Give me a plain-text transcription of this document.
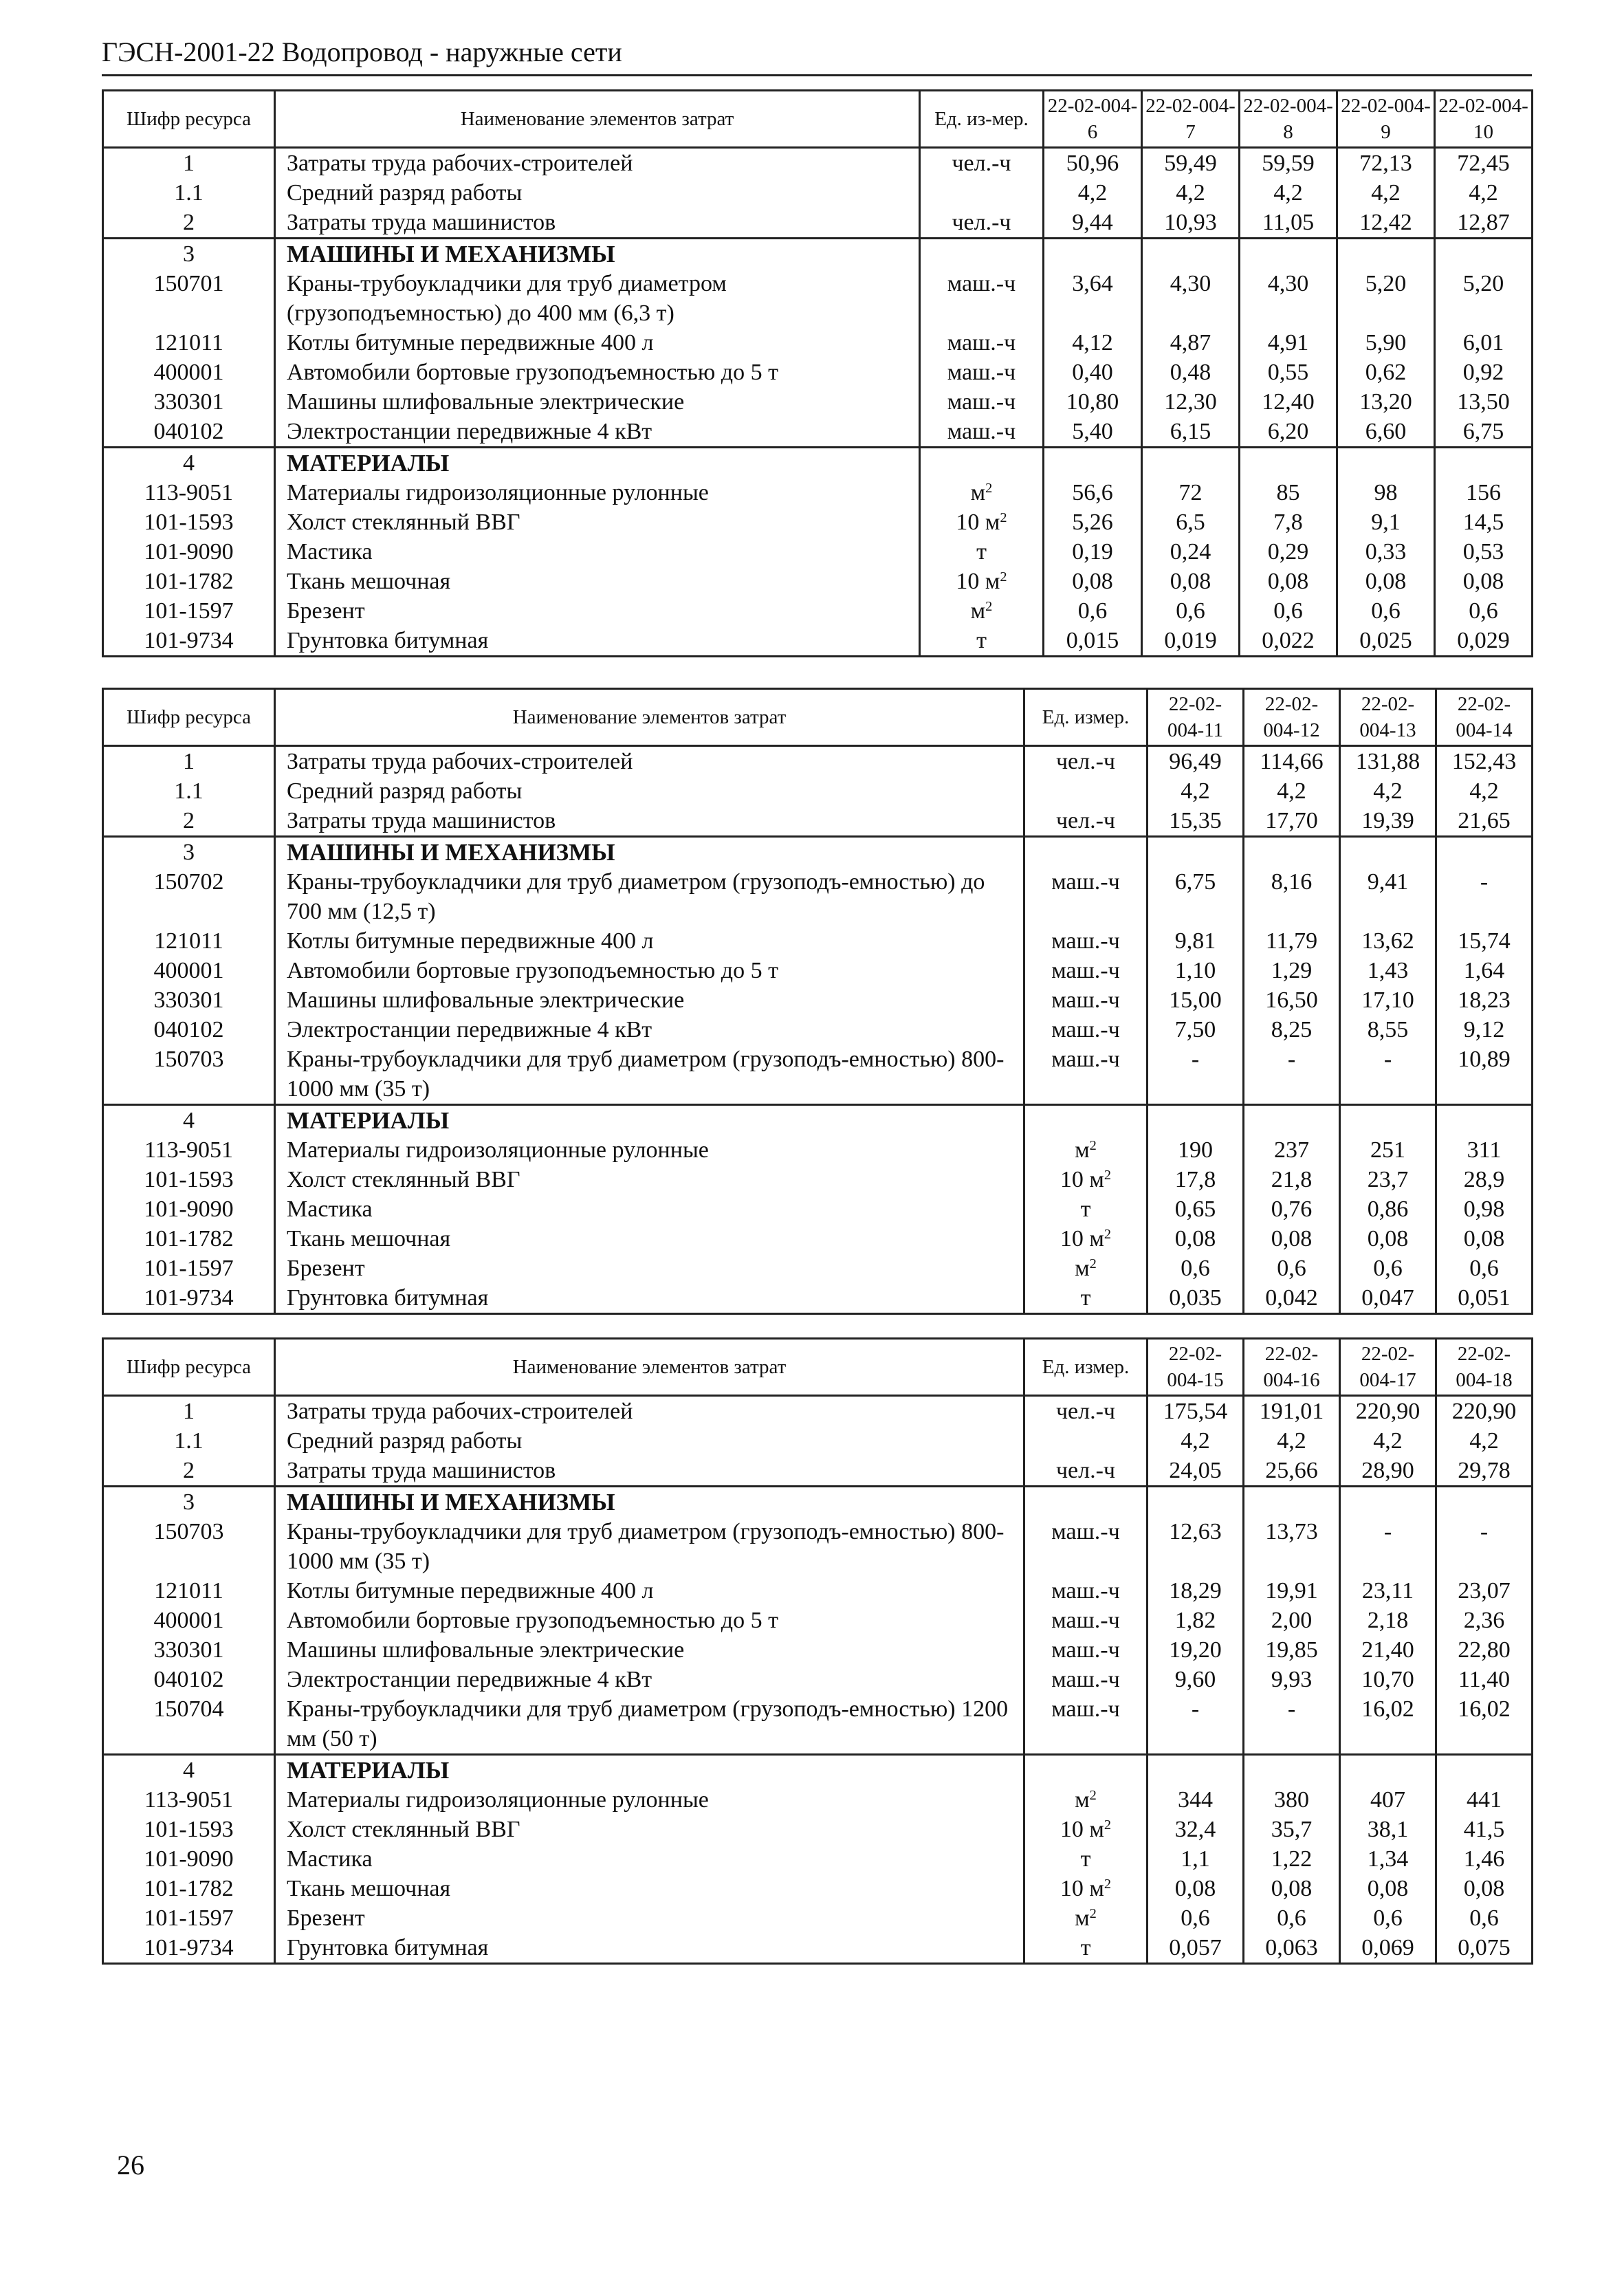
ГЭСН-2001-22 Водопровод - наружные сети
Шифр ресурса	Наименование элементов затрат	Ед. из-мер.	22-02-004-6	22-02-004-7	22-02-004-8	22-02-004-9	22-02-004-10
1	Затраты труда рабочих-строителей	чел.-ч	50,96	59,49	59,59	72,13	72,45
1.1	Средний разряд работы		4,2	4,2	4,2	4,2	4,2
2	Затраты труда машинистов	чел.-ч	9,44	10,93	11,05	12,42	12,87
3	МАШИНЫ И МЕХАНИЗМЫ						
150701	Краны-трубоукладчики для труб диаметром (грузоподъемностью) до 400 мм (6,3 т)	маш.-ч	3,64	4,30	4,30	5,20	5,20
121011	Котлы битумные передвижные 400 л	маш.-ч	4,12	4,87	4,91	5,90	6,01
400001	Автомобили бортовые грузоподъемностью до 5 т	маш.-ч	0,40	0,48	0,55	0,62	0,92
330301	Машины шлифовальные электрические	маш.-ч	10,80	12,30	12,40	13,20	13,50
040102	Электростанции передвижные 4 кВт	маш.-ч	5,40	6,15	6,20	6,60	6,75
4	МАТЕРИАЛЫ						
113-9051	Материалы гидроизоляционные рулонные	$м^2$	56,6	72	85	98	156
101-1593	Холст стеклянный ВВГ	10 $м^2$	5,26	6,5	7,8	9,1	14,5
101-9090	Мастика	т	0,19	0,24	0,29	0,33	0,53
101-1782	Ткань мешочная	10 $м^2$	0,08	0,08	0,08	0,08	0,08
101-1597	Брезент	$м^2$	0,6	0,6	0,6	0,6	0,6
101-9734	Грунтовка битумная	т	0,015	0,019	0,022	0,025	0,029
Шифр ресурса	Наименование элементов затрат	Ед. измер.	22-02-004-11	22-02-004-12	22-02-004-13	22-02-004-14
1	Затраты труда рабочих-строителей	чел.-ч	96,49	114,66	131,88	152,43
1.1	Средний разряд работы		4,2	4,2	4,2	4,2
2	Затраты труда машинистов	чел.-ч	15,35	17,70	19,39	21,65
3	МАШИНЫ И МЕХАНИЗМЫ					
150702	Краны-трубоукладчики для труб диаметром (грузоподъ-емностью) до 700 мм (12,5 т)	маш.-ч	6,75	8,16	9,41	-
121011	Котлы битумные передвижные 400 л	маш.-ч	9,81	11,79	13,62	15,74
400001	Автомобили бортовые грузоподъемностью до 5 т	маш.-ч	1,10	1,29	1,43	1,64
330301	Машины шлифовальные электрические	маш.-ч	15,00	16,50	17,10	18,23
040102	Электростанции передвижные 4 кВт	маш.-ч	7,50	8,25	8,55	9,12
150703	Краны-трубоукладчики для труб диаметром (грузоподъ-емностью) 800-1000 мм (35 т)	маш.-ч	-	-	-	10,89
4	МАТЕРИАЛЫ					
113-9051	Материалы гидроизоляционные рулонные	$м^2$	190	237	251	311
101-1593	Холст стеклянный ВВГ	10 $м^2$	17,8	21,8	23,7	28,9
101-9090	Мастика	т	0,65	0,76	0,86	0,98
101-1782	Ткань мешочная	10 $м^2$	0,08	0,08	0,08	0,08
101-1597	Брезент	$м^2$	0,6	0,6	0,6	0,6
101-9734	Грунтовка битумная	т	0,035	0,042	0,047	0,051
Шифр ресурса	Наименование элементов затрат	Ед. измер.	22-02-004-15	22-02-004-16	22-02-004-17	22-02-004-18
1	Затраты труда рабочих-строителей	чел.-ч	175,54	191,01	220,90	220,90
1.1	Средний разряд работы		4,2	4,2	4,2	4,2
2	Затраты труда машинистов	чел.-ч	24,05	25,66	28,90	29,78
3	МАШИНЫ И МЕХАНИЗМЫ					
150703	Краны-трубоукладчики для труб диаметром (грузоподъ-емностью) 800-1000 мм (35 т)	маш.-ч	12,63	13,73	-	-
121011	Котлы битумные передвижные 400 л	маш.-ч	18,29	19,91	23,11	23,07
400001	Автомобили бортовые грузоподъемностью до 5 т	маш.-ч	1,82	2,00	2,18	2,36
330301	Машины шлифовальные электрические	маш.-ч	19,20	19,85	21,40	22,80
040102	Электростанции передвижные 4 кВт	маш.-ч	9,60	9,93	10,70	11,40
150704	Краны-трубоукладчики для труб диаметром (грузоподъ-емностью) 1200 мм (50 т)	маш.-ч	-	-	16,02	16,02
4	МАТЕРИАЛЫ					
113-9051	Материалы гидроизоляционные рулонные	$м^2$	344	380	407	441
101-1593	Холст стеклянный ВВГ	10 $м^2$	32,4	35,7	38,1	41,5
101-9090	Мастика	т	1,1	1,22	1,34	1,46
101-1782	Ткань мешочная	10 $м^2$	0,08	0,08	0,08	0,08
101-1597	Брезент	$м^2$	0,6	0,6	0,6	0,6
101-9734	Грунтовка битумная	т	0,057	0,063	0,069	0,075
26
